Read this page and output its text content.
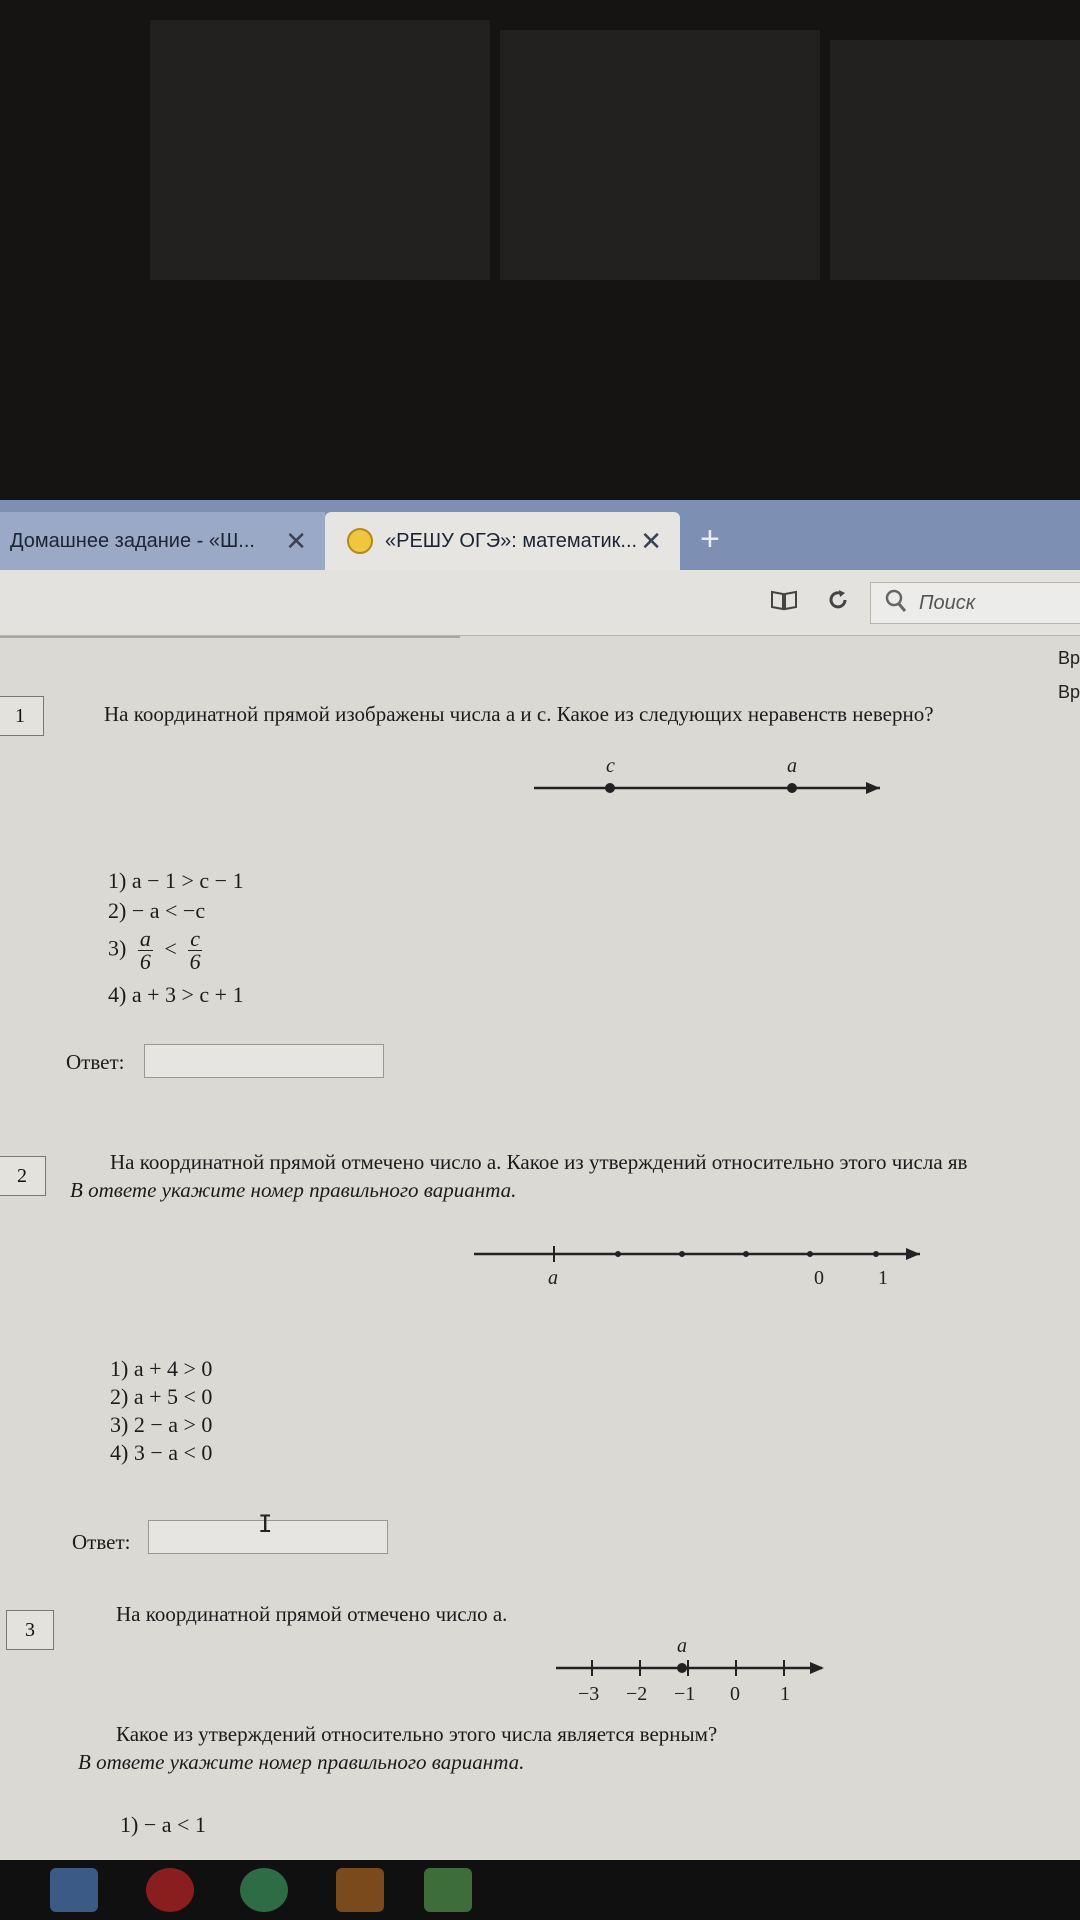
Домашнее задание - «Ш... ✕	«РЕШУ ОГЭ»: математик... ✕ +
Поиск
Вр
Вр
1	На координатной прямой изображены числа a и c. Какое из следующих неравенств неверно?
c	a
1) a − 1 > c − 1
2) − a < −c
$3) \frac{a}{6} < \frac{c}{6}$
4) a + 3 > c + 1
Ответ:
2
На координатной прямой отмечено число a. Какое из утверждений относительно этого числа яв
В ответе укажите номер правильного варианта.
a	0	1
1) a + 4 > 0
2) a + 5 < 0
3) 2 − a > 0
4) 3 − a < 0
Ответ:
I
3
На координатной прямой отмечено число a.
a
−3 −2 −1 0 1
Какое из утверждений относительно этого числа является верным?
В ответе укажите номер правильного варианта.
1) − a < 1
